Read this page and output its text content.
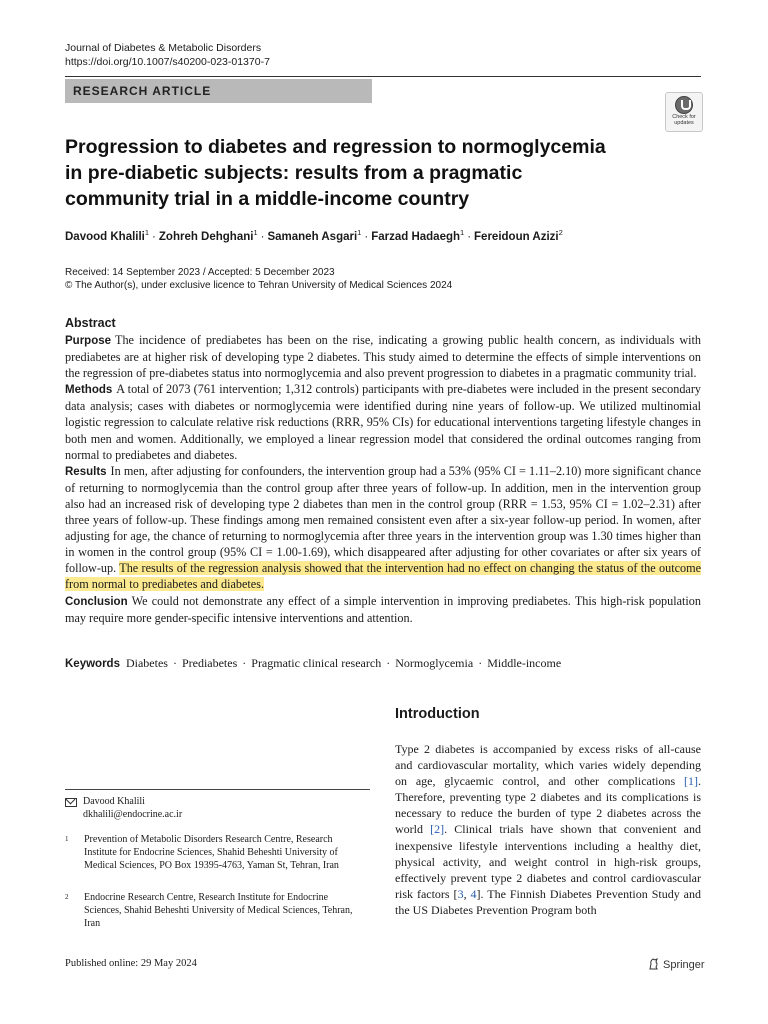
Journal of Diabetes & Metabolic Disorders
https://doi.org/10.1007/s40200-023-01370-7
RESEARCH ARTICLE
Check for updates
Progression to diabetes and regression to normoglycemia in pre-diabetic subjects: results from a pragmatic community trial in a middle-income country
Davood Khalili$^1$ · Zohreh Dehghani$^1$ · Samaneh Asgari$^1$ · Farzad Hadaegh$^1$ · Fereidoun Azizi$^2$
Received: 14 September 2023 / Accepted: 5 December 2023
© The Author(s), under exclusive licence to Tehran University of Medical Sciences 2024
Abstract

Purpose The incidence of prediabetes has been on the rise, indicating a growing public health concern, as individuals with prediabetes are at higher risk of developing type 2 diabetes. This study aimed to determine the effects of simple interventions on the regression of pre-diabetes status into normoglycemia and also prevent progression to diabetes in a pragmatic community trial.

Methods A total of 2073 (761 intervention; 1,312 controls) participants with pre-diabetes were included in the present secondary data analysis; cases with diabetes or normoglycemia were identified during nine years of follow-up. We utilized multinomial logistic regression to calculate relative risk reductions (RRR, 95% CIs) for educational interventions targeting lifestyle changes in both men and women. Additionally, we employed a linear regression model that considered the ordinal outcomes ranging from normal to prediabetes and diabetes.

Results In men, after adjusting for confounders, the intervention group had a 53% (95% CI = 1.11–2.10) more significant chance of returning to normoglycemia than the control group after three years of follow-up. In addition, men in the intervention group also had an increased risk of developing type 2 diabetes than men in the control group (RRR = 1.53, 95% CI = 1.02–2.31) after three years of follow-up. These findings among men remained consistent even after a six-year follow-up period. In women, after adjusting for age, the chance of returning to normoglycemia after three years in the intervention group was 1.30 times higher than in women in the control group (95% CI = 1.00-1.69), which disappeared after adjusting for other covariates or after six years of follow-up. The results of the regression analysis showed that the intervention had no effect on changing the status of the outcome from normal to prediabetes and diabetes.

Conclusion We could not demonstrate any effect of a simple intervention in improving prediabetes. This high-risk population may require more gender-specific intensive interventions and attention.

Keywords Diabetes · Prediabetes · Pragmatic clinical research · Normoglycemia · Middle-income
Introduction
Type 2 diabetes is accompanied by excess risks of all-cause and cardiovascular mortality, which varies widely depending on age, glycaemic control, and other complications [1]. Therefore, preventing type 2 diabetes and its complications is necessary to reduce the burden of type 2 diabetes across the world [2]. Clinical trials have shown that convenient and inexpensive lifestyle interventions including a healthy diet, physical activity, and weight control in high-risk groups, effectively prevent type 2 diabetes and control cardiovascular risk factors [3, 4]. The Finnish Diabetes Prevention Study and the US Diabetes Prevention Program both
Davood Khalili
dkhalili@endocrine.ac.ir
1 Prevention of Metabolic Disorders Research Centre, Research Institute for Endocrine Sciences, Shahid Beheshti University of Medical Sciences, PO Box 19395-4763, Yaman St, Tehran, Iran
2 Endocrine Research Centre, Research Institute for Endocrine Sciences, Shahid Beheshti University of Medical Sciences, Tehran, Iran
Published online: 29 May 2024	Springer
